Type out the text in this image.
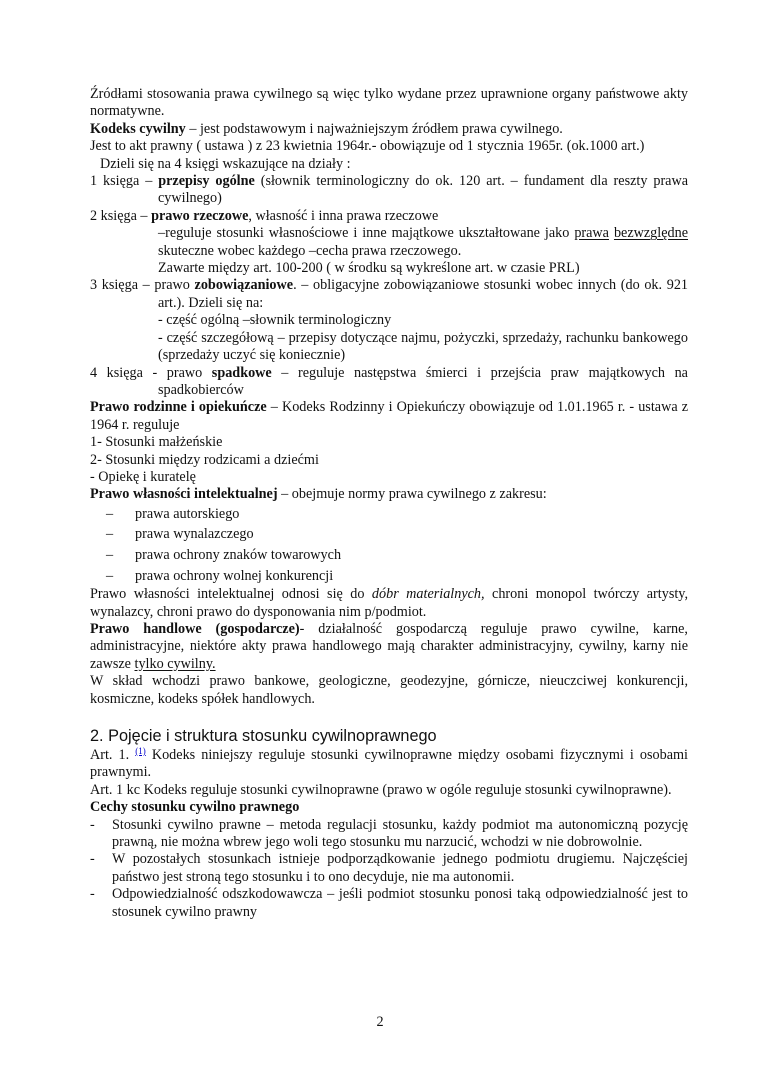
Źródłami stosowania prawa cywilnego są więc tylko wydane przez uprawnione organy państwowe akty normatywne.

Kodeks cywilny – jest podstawowym i najważniejszym źródłem prawa cywilnego.

Jest to akt prawny ( ustawa ) z 23 kwietnia 1964r.- obowiązuje od 1 stycznia 1965r. (ok.1000 art.)

Dzieli się na 4 księgi wskazujące na działy :

1 księga – przepisy ogólne (słownik terminologiczny do ok. 120 art. – fundament dla reszty prawa cywilnego)

2 księga – prawo rzeczowe, własność i inna prawa rzeczowe

–reguluje stosunki własnościowe i inne majątkowe ukształtowane jako prawa bezwzględne skuteczne wobec każdego –cecha prawa rzeczowego.

Zawarte między art. 100-200 ( w środku są wykreślone art. w czasie PRL)

3 księga – prawo zobowiązaniowe. – obligacyjne zobowiązaniowe stosunki wobec innych (do ok. 921 art.). Dzieli się na:

- część ogólną –słownik terminologiczny

- część szczegółową – przepisy dotyczące najmu, pożyczki, sprzedaży, rachunku bankowego (sprzedaży uczyć się koniecznie)

4 księga - prawo spadkowe – reguluje następstwa śmierci i przejścia praw majątkowych na spadkobierców

Prawo rodzinne i opiekuńcze – Kodeks Rodzinny i Opiekuńczy obowiązuje od 1.01.1965 r. - ustawa z 1964 r. reguluje

1- Stosunki małżeńskie

2- Stosunki między rodzicami a dziećmi

- Opiekę i kuratelę

Prawo własności intelektualnej – obejmuje normy prawa cywilnego z zakresu:

– prawa autorskiego
– prawa wynalazczego
– prawa ochrony znaków towarowych
– prawa ochrony wolnej konkurencji

Prawo własności intelektualnej odnosi się do dóbr materialnych, chroni monopol twórczy artysty, wynalazcy, chroni prawo do dysponowania nim p/podmiot.

Prawo handlowe (gospodarcze)- działalność gospodarczą reguluje prawo cywilne, karne, administracyjne, niektóre akty prawa handlowego mają charakter administracyjny, cywilny, karny nie zawsze tylko cywilny.

W skład wchodzi prawo bankowe, geologiczne, geodezyjne, górnicze, nieuczciwej konkurencji, kosmiczne, kodeks spółek handlowych.

2. Pojęcie i struktura stosunku cywilnoprawnego

Art. 1. $^{(1)}$ Kodeks niniejszy reguluje stosunki cywilnoprawne między osobami fizycznymi i osobami prawnymi.

Art. 1 kc Kodeks reguluje stosunki cywilnoprawne (prawo w ogóle reguluje stosunki cywilnoprawne).

Cechy stosunku cywilno prawnego

- Stosunki cywilno prawne – metoda regulacji stosunku, każdy podmiot ma autonomiczną pozycję prawną, nie można wbrew jego woli tego stosunku mu narzucić, wchodzi w nie dobrowolnie.

- W pozostałych stosunkach istnieje podporządkowanie jednego podmiotu drugiemu. Najczęściej państwo jest stroną tego stosunku i to ono decyduje, nie ma autonomii.

- Odpowiedzialność odszkodowawcza – jeśli podmiot stosunku ponosi taką odpowiedzialność jest to stosunek cywilno prawny

2
